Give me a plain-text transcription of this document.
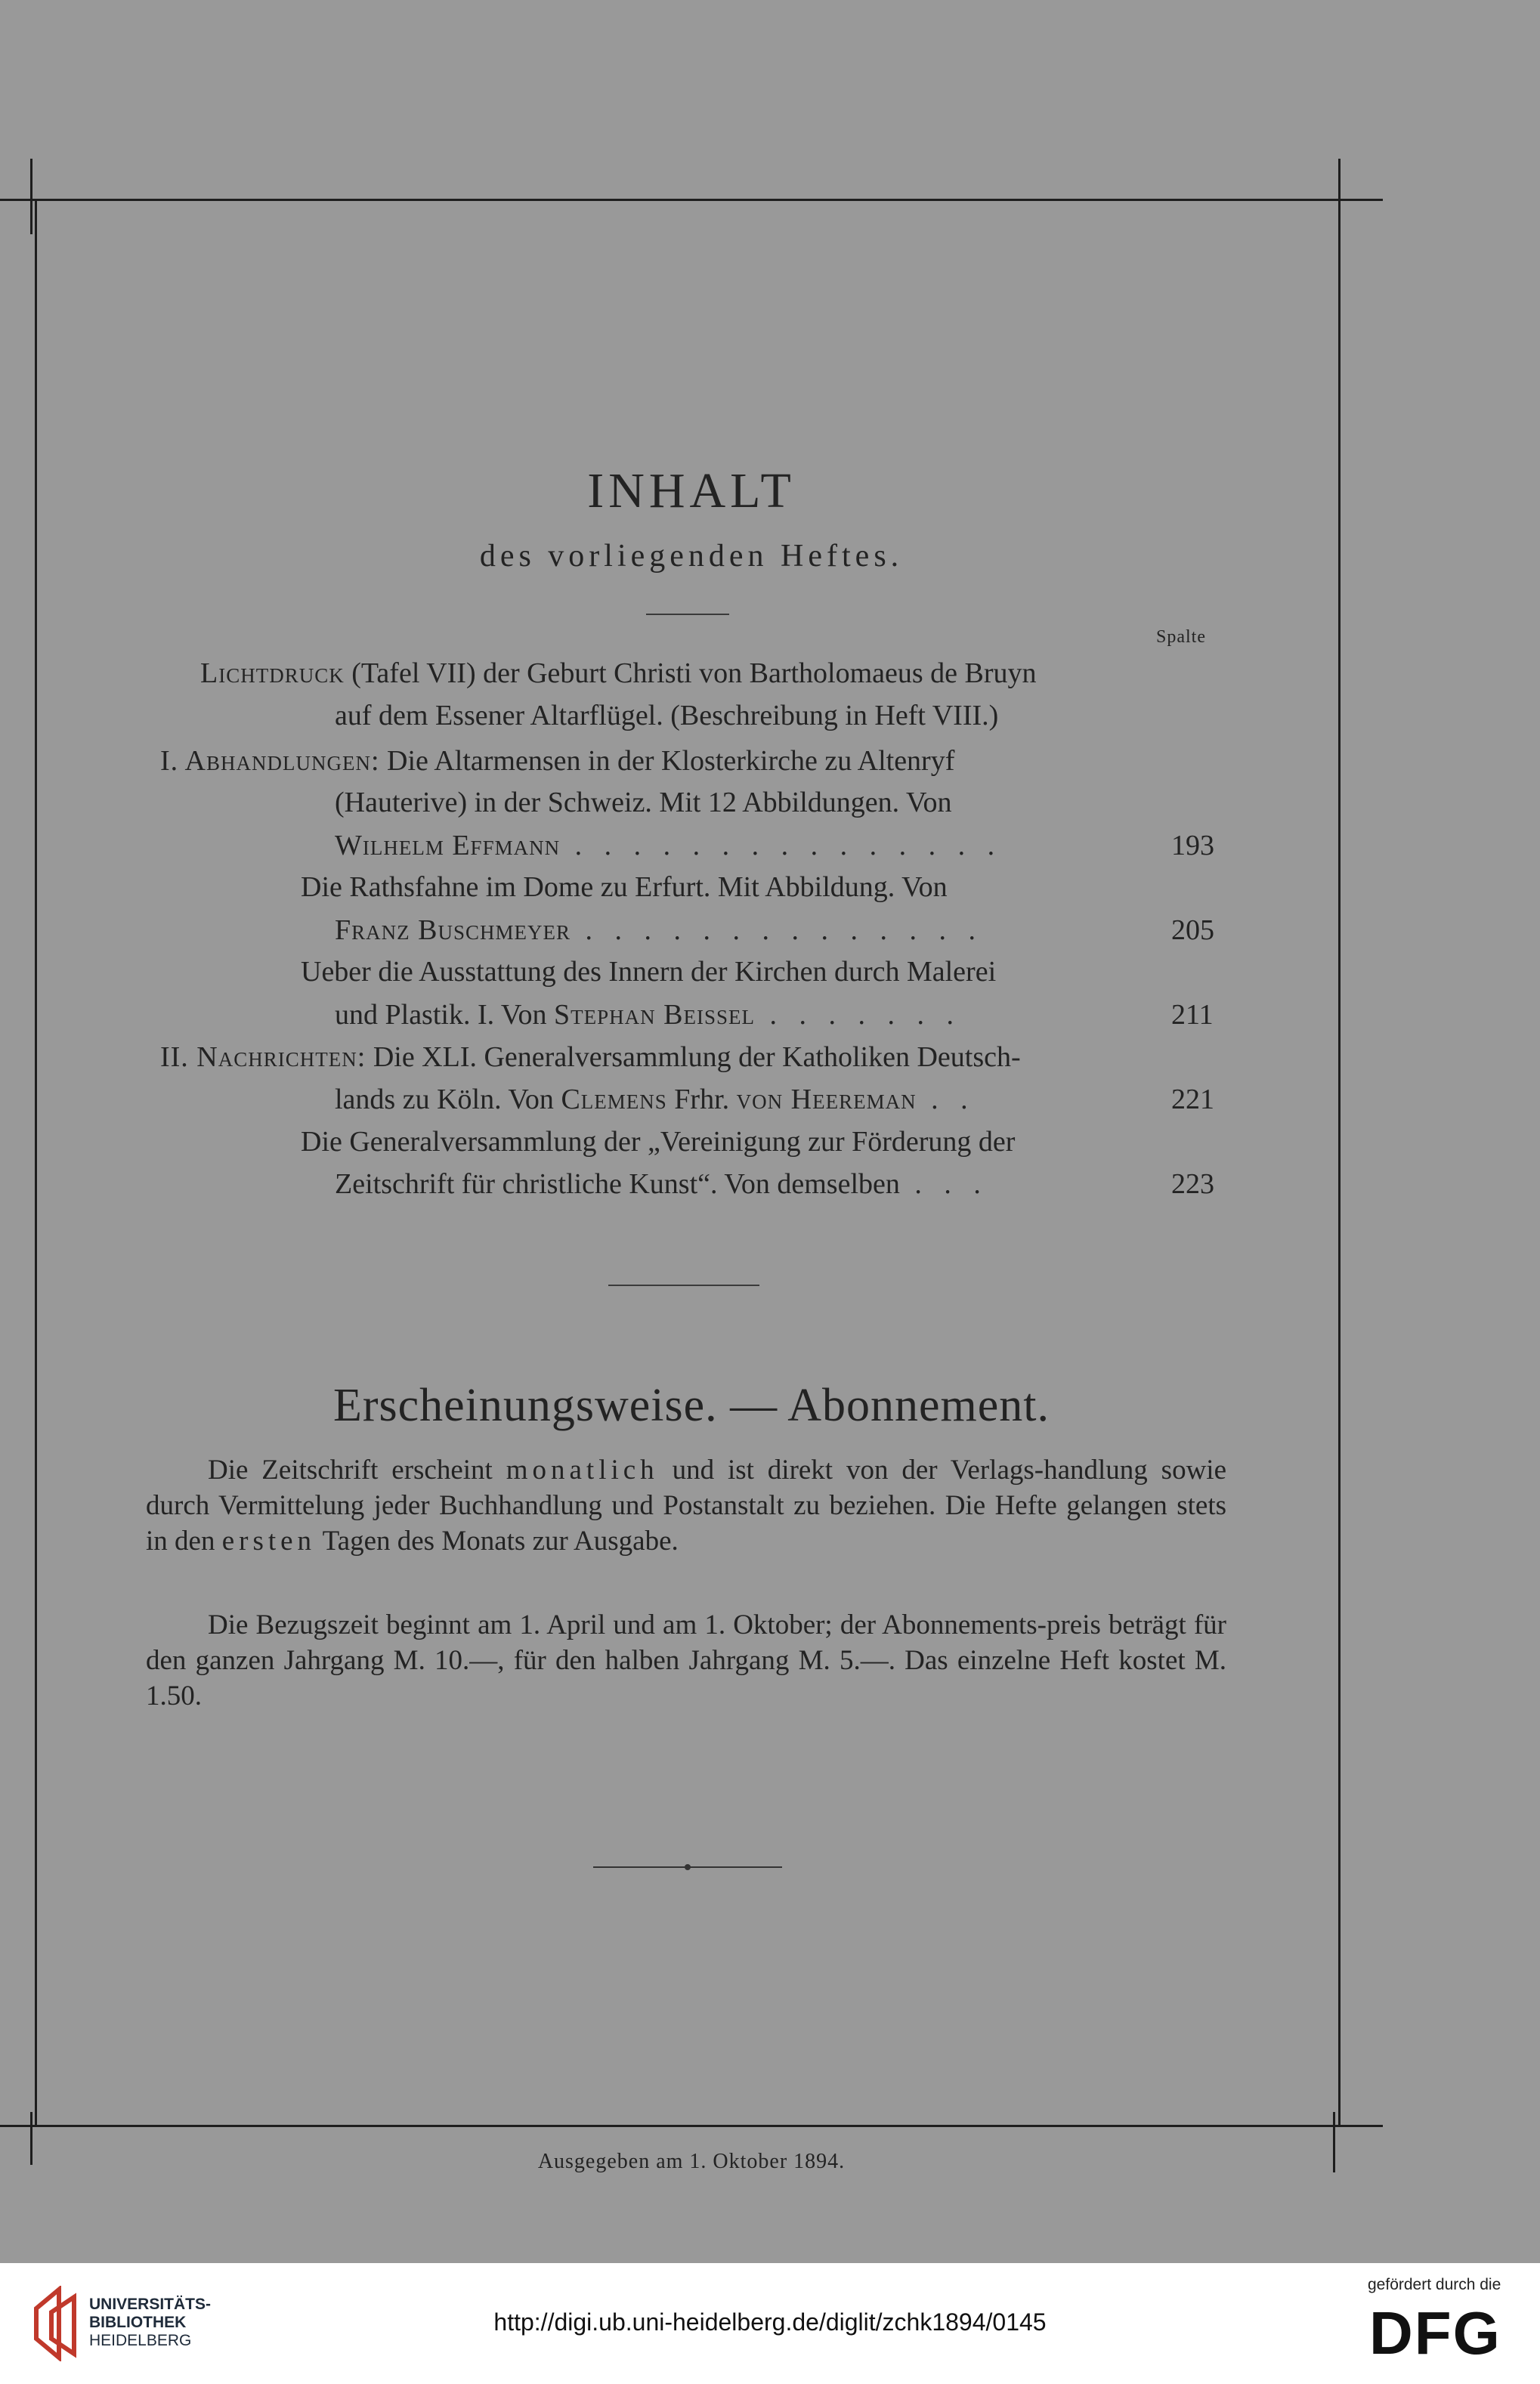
INHALT
des vorliegenden Heftes.
Spalte
Lichtdruck (Tafel VII) der Geburt Christi von Bartholomaeus de Bruyn
auf dem Essener Altarflügel. (Beschreibung in Heft VIII.)
I. Abhandlungen: Die Altarmensen in der Klosterkirche zu Altenryf
(Hauterive) in der Schweiz. Mit 12 Abbildungen. Von
Wilhelm Effmann . . . . . . . . . . . . . . .	193
Die Rathsfahne im Dome zu Erfurt. Mit Abbildung. Von
Franz Buschmeyer . . . . . . . . . . . . . .	205
Ueber die Ausstattung des Innern der Kirchen durch Malerei
und Plastik. I. Von Stephan Beissel . . . . . . .	211
II. Nachrichten: Die XLI. Generalversammlung der Katholiken Deutsch-
lands zu Köln. Von Clemens Frhr. von Heereman . .	221
Die Generalversammlung der „Vereinigung zur Förderung der
Zeitschrift für christliche Kunst“. Von demselben . . .	223
Erscheinungsweise. — Abonnement.
Die Zeitschrift erscheint monatlich und ist direkt von der Verlags-handlung sowie durch Vermittelung jeder Buchhandlung und Postanstalt zu beziehen. Die Hefte gelangen stets in den ersten Tagen des Monats zur Ausgabe.
Die Bezugszeit beginnt am 1. April und am 1. Oktober; der Abonnements-preis beträgt für den ganzen Jahrgang M. 10.—, für den halben Jahrgang M. 5.—. Das einzelne Heft kostet M. 1.50.
Ausgegeben am 1. Oktober 1894.
UNIVERSITÄTS-
BIBLIOTHEK
HEIDELBERG
http://digi.ub.uni-heidelberg.de/diglit/zchk1894/0145
gefördert durch die
DFG
